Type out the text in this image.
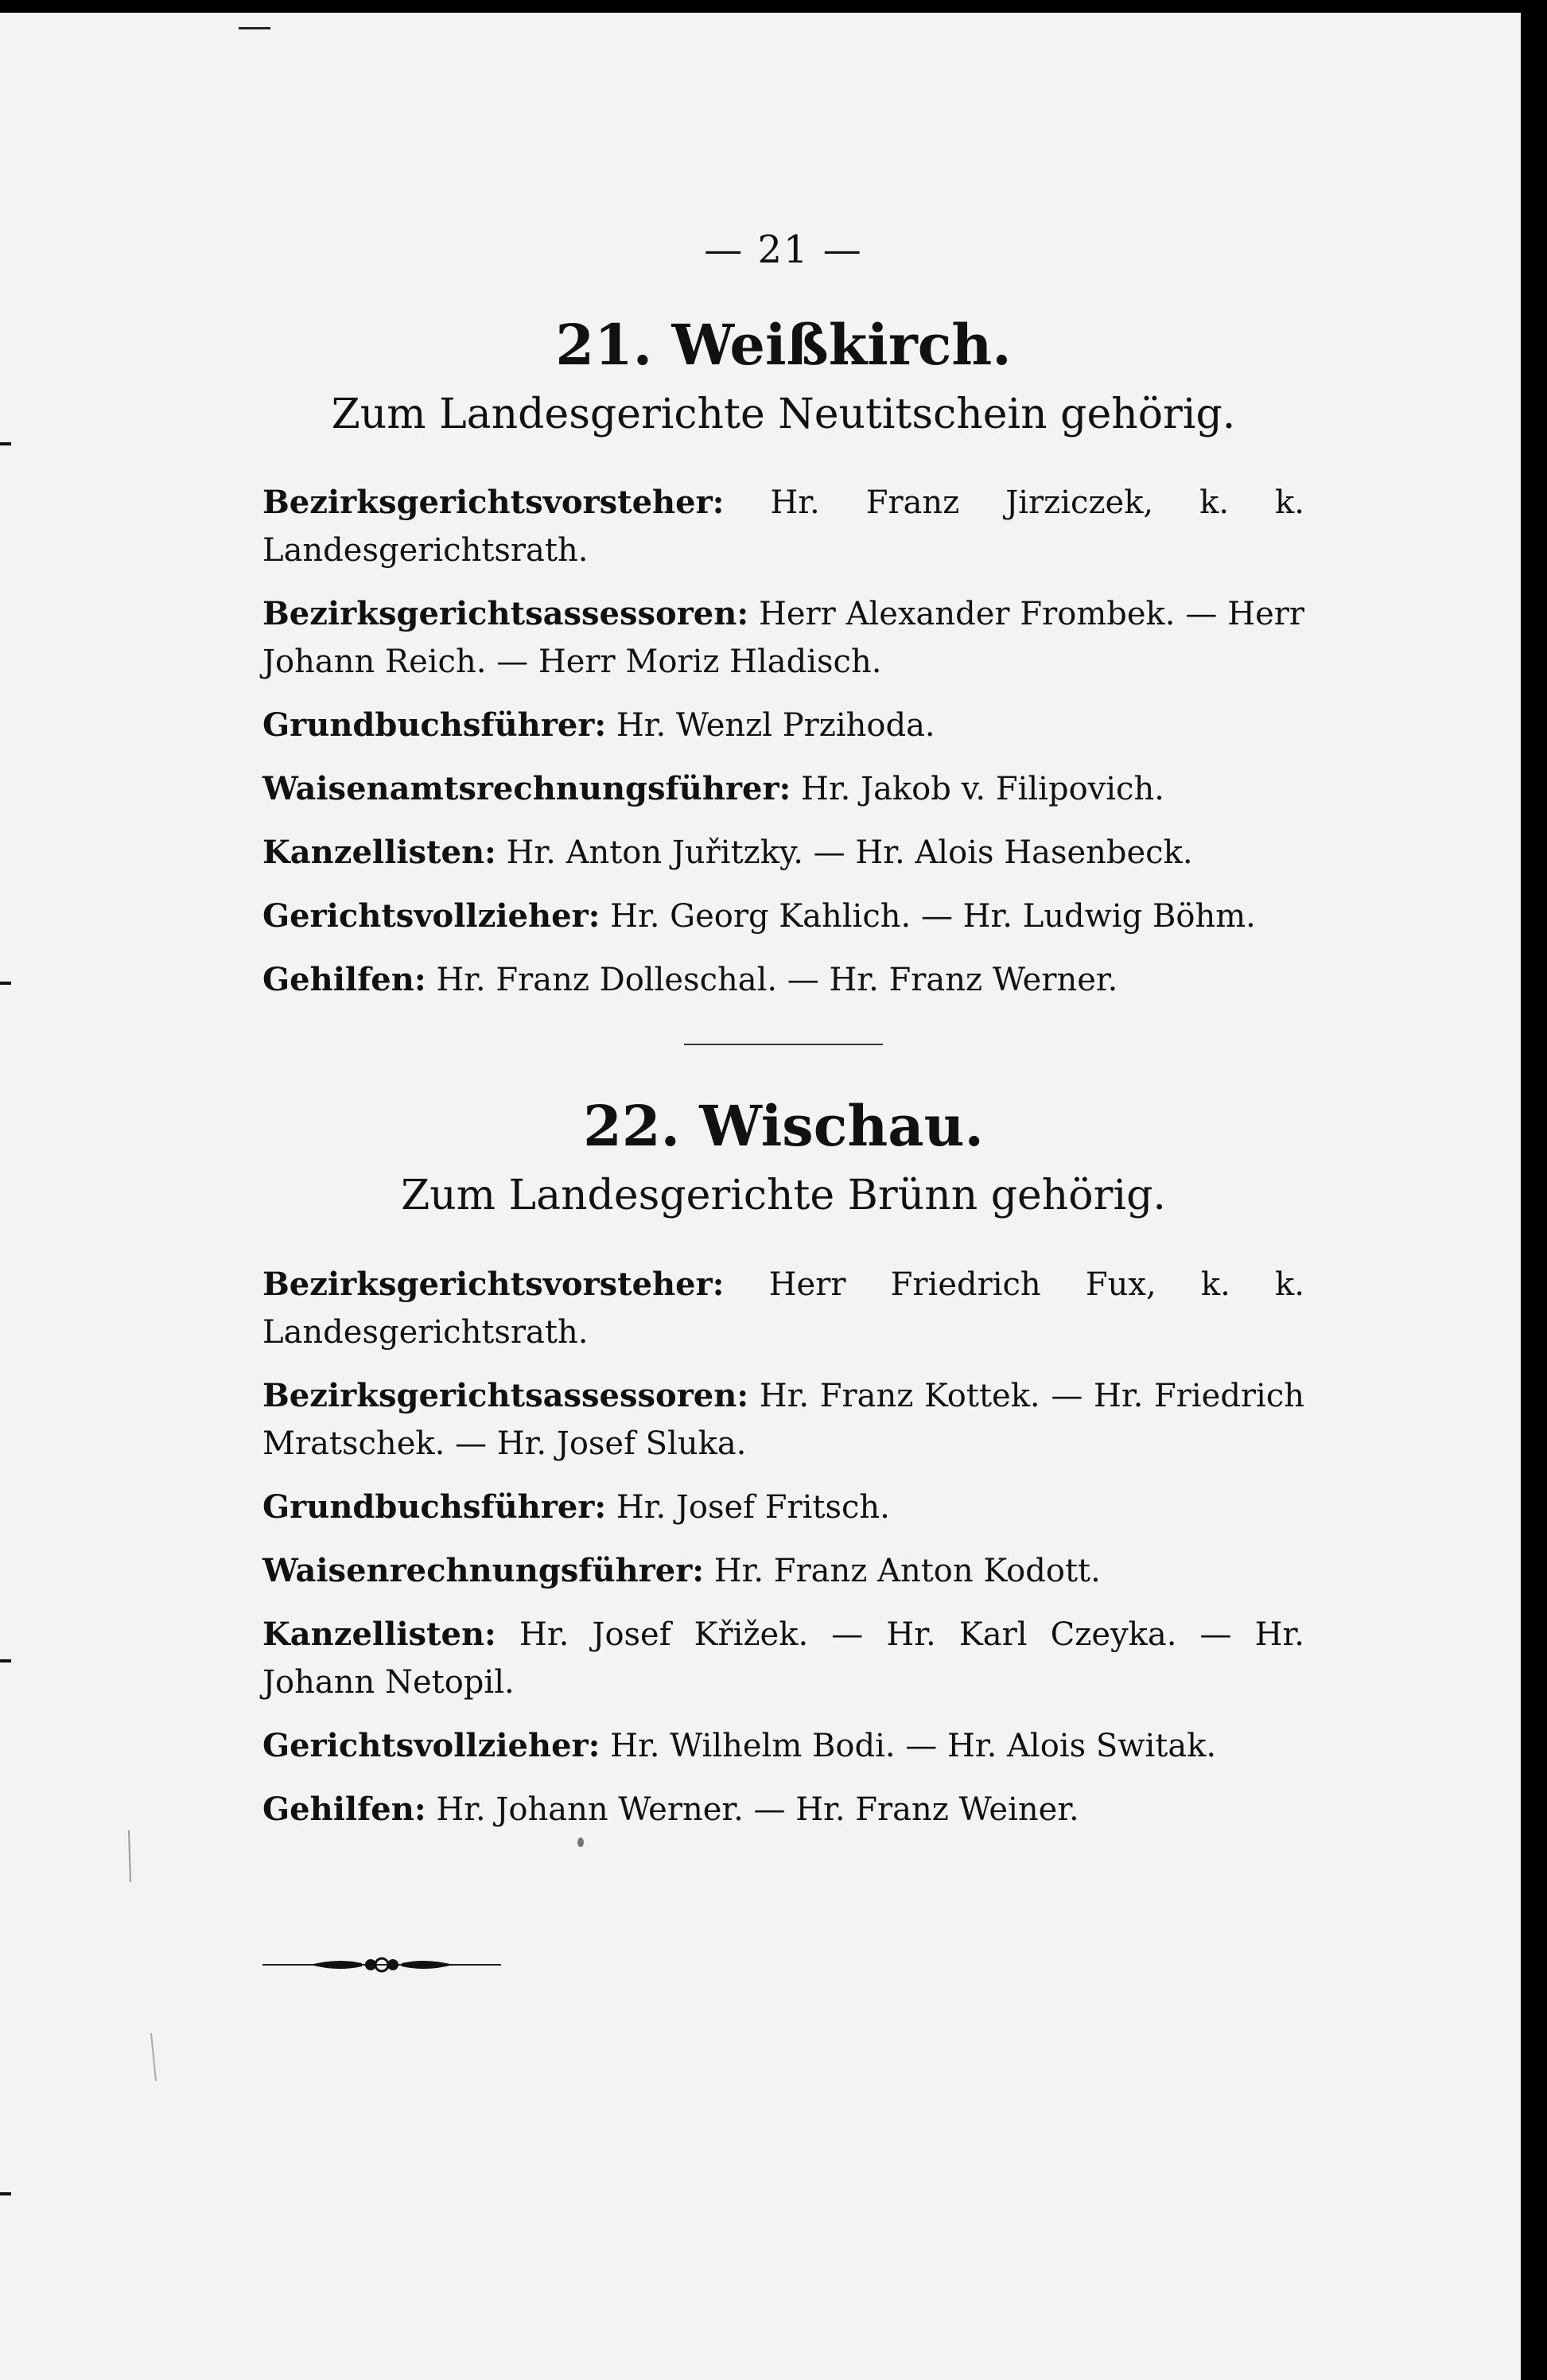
— 21 —
21. Weißkirch.
Zum Landesgerichte Neutitschein gehörig.

Bezirksgerichtsvorsteher: Hr. Franz Jirziczek, k. k. Landesgerichtsrath.

Bezirksgerichtsassessoren: Herr Alexander Frombek. — Herr Johann Reich. — Herr Moriz Hladisch.

Grundbuchsführer: Hr. Wenzl Przihoda.

Waisenamtsrechnungsführer: Hr. Jakob v. Filipovich.

Kanzellisten: Hr. Anton Juřitzky. — Hr. Alois Hasenbeck.

Gerichtsvollzieher: Hr. Georg Kahlich. — Hr. Ludwig Böhm.

Gehilfen: Hr. Franz Dolleschal. — Hr. Franz Werner.

22. Wischau.
Zum Landesgerichte Brünn gehörig.

Bezirksgerichtsvorsteher: Herr Friedrich Fux, k. k. Landesgerichtsrath.

Bezirksgerichtsassessoren: Hr. Franz Kottek. — Hr. Friedrich Mratschek. — Hr. Josef Sluka.

Grundbuchsführer: Hr. Josef Fritsch.

Waisenrechnungsführer: Hr. Franz Anton Kodott.

Kanzellisten: Hr. Josef Křižek. — Hr. Karl Czeyka. — Hr. Johann Netopil.

Gerichtsvollzieher: Hr. Wilhelm Bodi. — Hr. Alois Switak.

Gehilfen: Hr. Johann Werner. — Hr. Franz Weiner.
